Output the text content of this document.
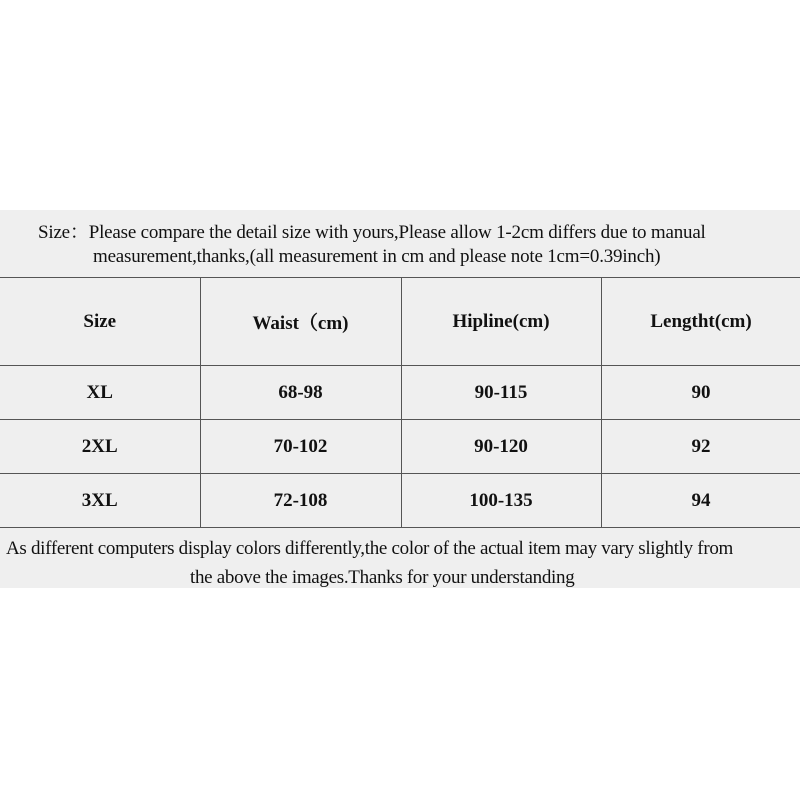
Size：Please compare the detail size with yours,Please allow 1-2cm differs due to manual
measurement,thanks,(all measurement in cm and please note 1cm=0.39inch)
Size	Waist（cm)	Hipline(cm)	Lengtht(cm)
XL	68-98	90-115	90
2XL	70-102	90-120	92
3XL	72-108	100-135	94
As different computers display colors differently,the color of the actual item may vary slightly from
the above the images.Thanks for your understanding
